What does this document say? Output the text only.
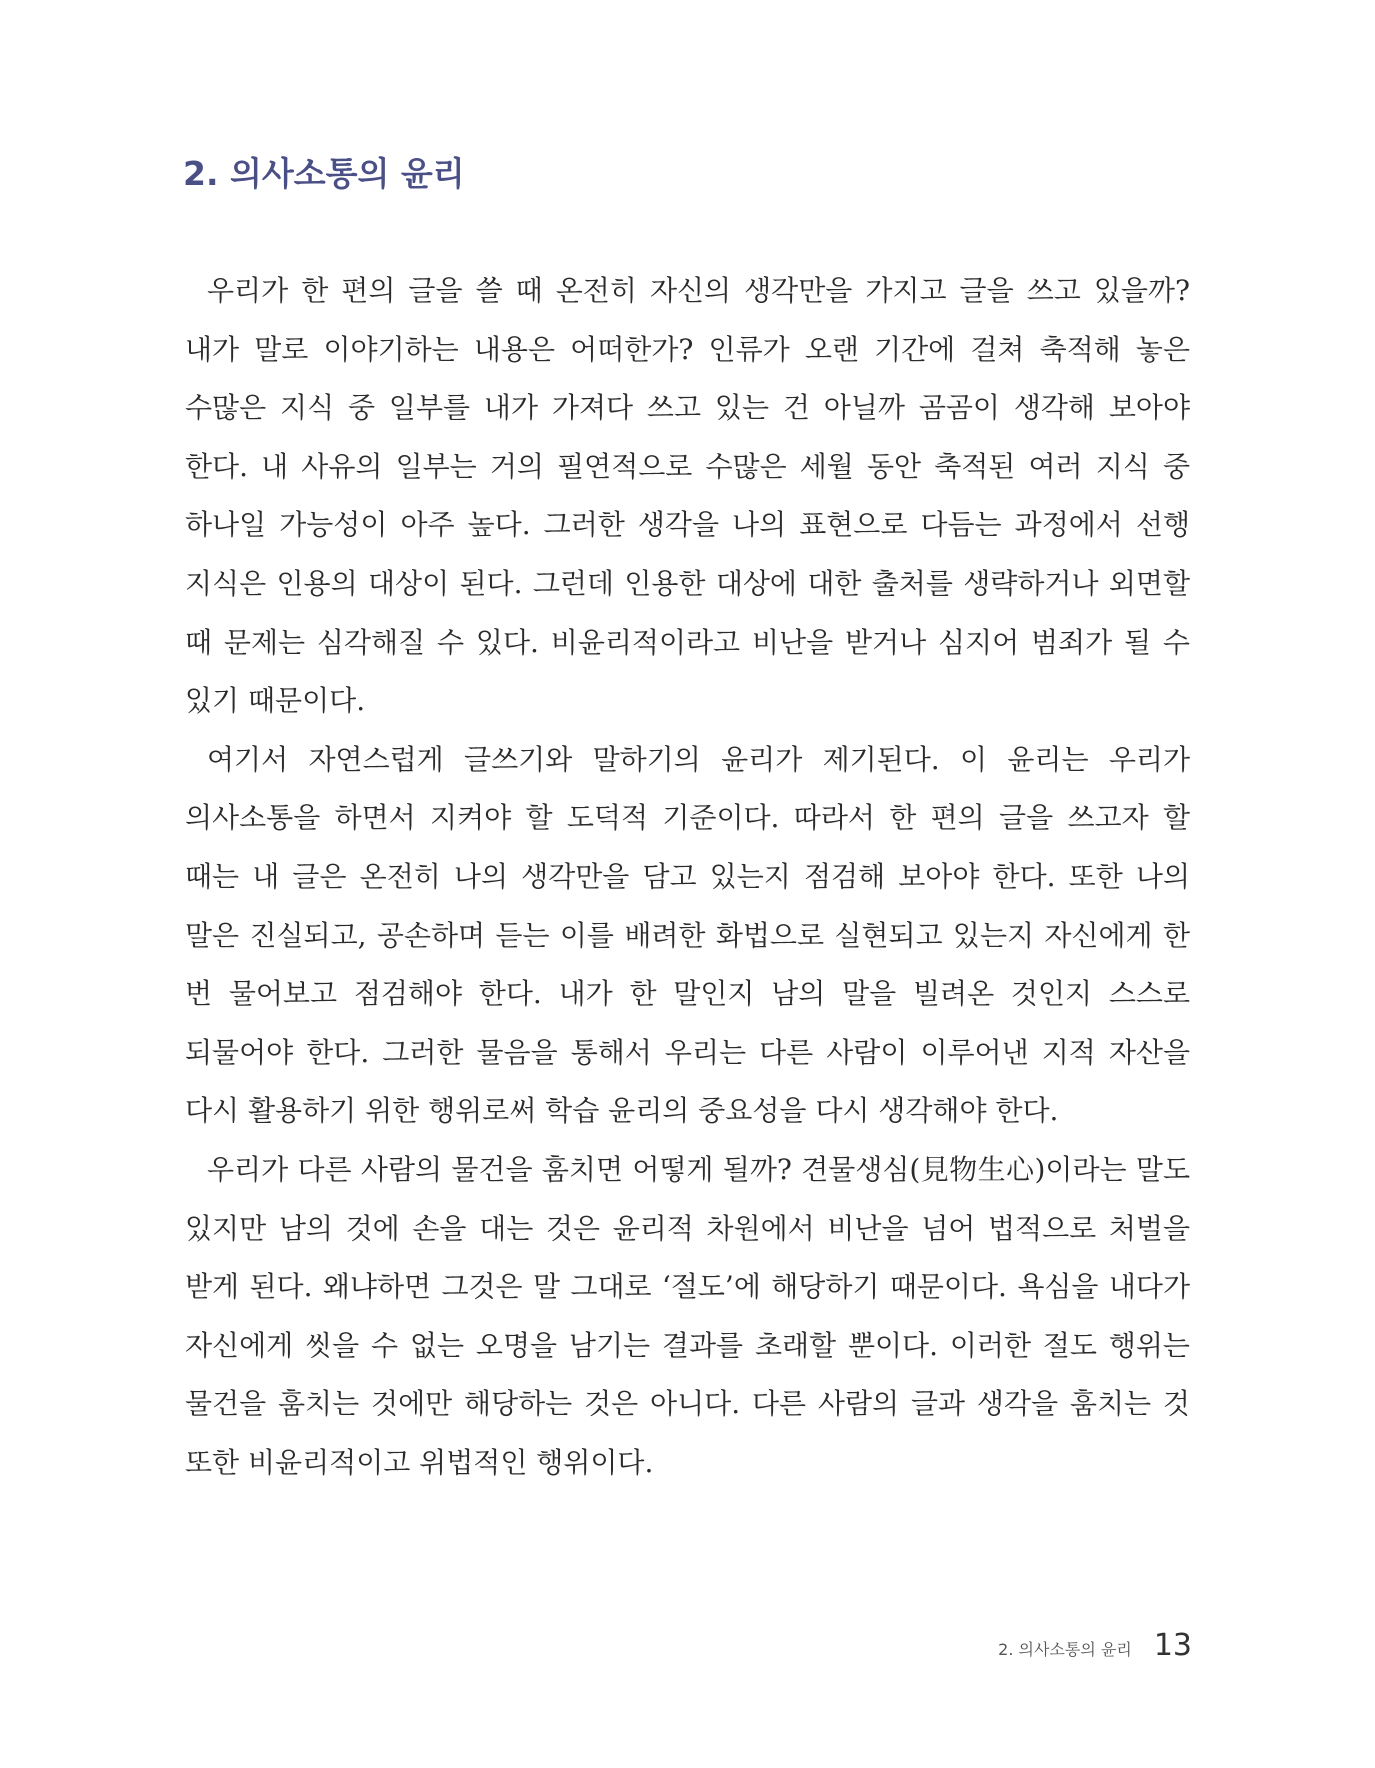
2. 의사소통의 윤리

우리가 한 편의 글을 쓸 때 온전히 자신의 생각만을 가지고 글을 쓰고 있을까? 내가 말로 이야기하는 내용은 어떠한가? 인류가 오랜 기간에 걸쳐 축적해 놓은 수많은 지식 중 일부를 내가 가져다 쓰고 있는 건 아닐까 곰곰이 생각해 보아야 한다. 내 사유의 일부는 거의 필연적으로 수많은 세월 동안 축적된 여러 지식 중 하나일 가능성이 아주 높다. 그러한 생각을 나의 표현으로 다듬는 과정에서 선행 지식은 인용의 대상이 된다. 그런데 인용한 대상에 대한 출처를 생략하거나 외면할 때 문제는 심각해질 수 있다. 비윤리적이라고 비난을 받거나 심지어 범죄가 될 수 있기 때문이다.

여기서 자연스럽게 글쓰기와 말하기의 윤리가 제기된다. 이 윤리는 우리가 의사소통을 하면서 지켜야 할 도덕적 기준이다. 따라서 한 편의 글을 쓰고자 할 때는 내 글은 온전히 나의 생각만을 담고 있는지 점검해 보아야 한다. 또한 나의 말은 진실되고, 공손하며 듣는 이를 배려한 화법으로 실현되고 있는지 자신에게 한 번 물어보고 점검해야 한다. 내가 한 말인지 남의 말을 빌려온 것인지 스스로 되물어야 한다. 그러한 물음을 통해서 우리는 다른 사람이 이루어낸 지적 자산을 다시 활용하기 위한 행위로써 학습 윤리의 중요성을 다시 생각해야 한다.

우리가 다른 사람의 물건을 훔치면 어떻게 될까? 견물생심(見物生心)이라는 말도 있지만 남의 것에 손을 대는 것은 윤리적 차원에서 비난을 넘어 법적으로 처벌을 받게 된다. 왜냐하면 그것은 말 그대로 ‘절도’에 해당하기 때문이다. 욕심을 내다가 자신에게 씻을 수 없는 오명을 남기는 결과를 초래할 뿐이다. 이러한 절도 행위는 물건을 훔치는 것에만 해당하는 것은 아니다. 다른 사람의 글과 생각을 훔치는 것 또한 비윤리적이고 위법적인 행위이다.

2. 의사소통의 윤리 13
